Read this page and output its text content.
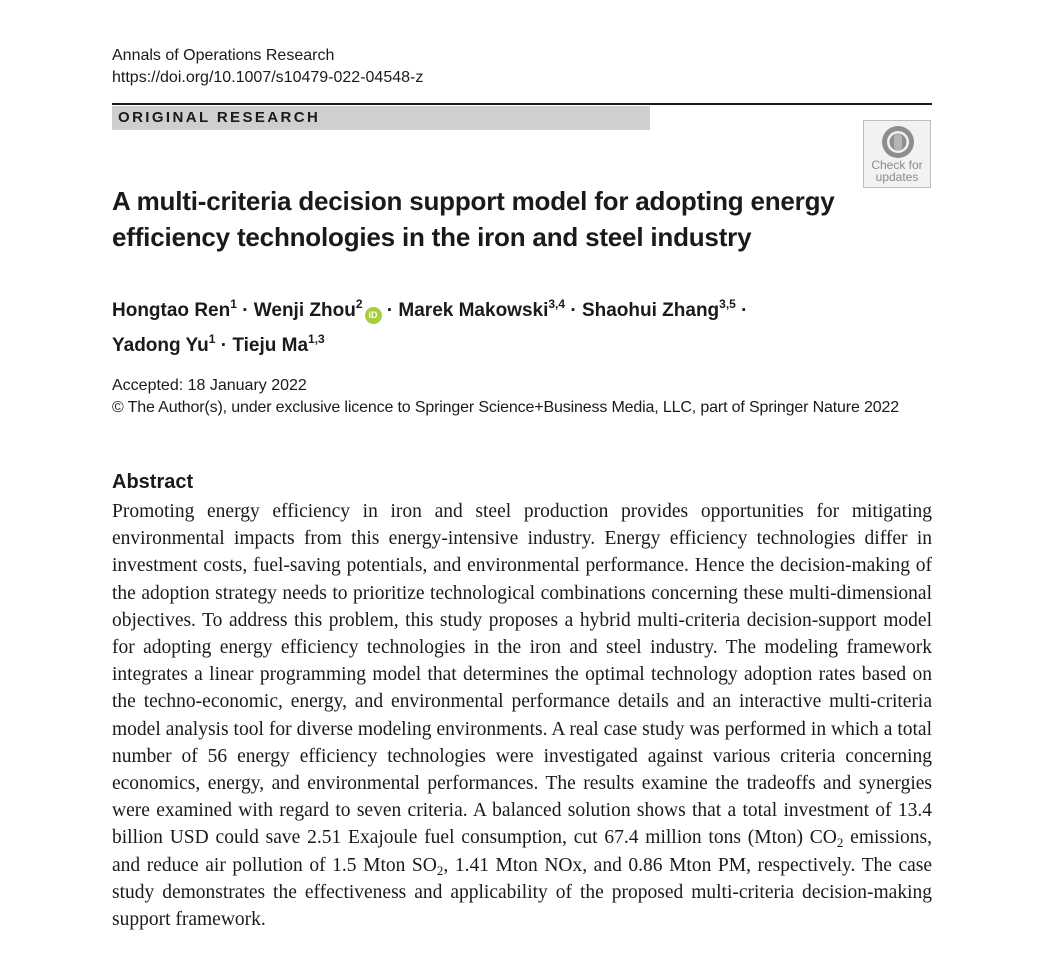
Annals of Operations Research
https://doi.org/10.1007/s10479-022-04548-z
ORIGINAL RESEARCH
Check for
updates
A multi-criteria decision support model for adopting energy efficiency technologies in the iron and steel industry
Hongtao Ren$^1$ · Wenji Zhou$^2$iD · Marek Makowski$^{3,4}$ · Shaohui Zhang$^{3,5}$ ·
Yadong $Yu^1$ · Tieju Ma$^{1,3}$
Accepted: 18 January 2022
© The Author(s), under exclusive licence to Springer Science+Business Media, LLC, part of Springer Nature 2022
Abstract

Promoting energy efficiency in iron and steel production provides opportunities for mitigating environmental impacts from this energy-intensive industry. Energy efficiency technologies differ in investment costs, fuel-saving potentials, and environmental performance. Hence the decision-making of the adoption strategy needs to prioritize technological combinations concerning these multi-dimensional objectives. To address this problem, this study proposes a hybrid multi-criteria decision-support model for adopting energy efficiency technologies in the iron and steel industry. The modeling framework integrates a linear programming model that determines the optimal technology adoption rates based on the techno-economic, energy, and environmental performance details and an interactive multi-criteria model analysis tool for diverse modeling environments. A real case study was performed in which a total number of 56 energy efficiency technologies were investigated against various criteria concerning economics, energy, and environmental performances. The results examine the tradeoffs and synergies were examined with regard to seven criteria. A balanced solution shows that a total investment of 13.4 billion USD could save 2.51 Exajoule fuel consumption, cut 67.4 million tons (Mton) $CO_2$ emissions, and reduce air pollution of 1.5 Mton $SO_2$, 1.41 Mton NOx, and 0.86 Mton PM, respectively. The case study demonstrates the effectiveness and applicability of the proposed multi-criteria decision-making support framework.
